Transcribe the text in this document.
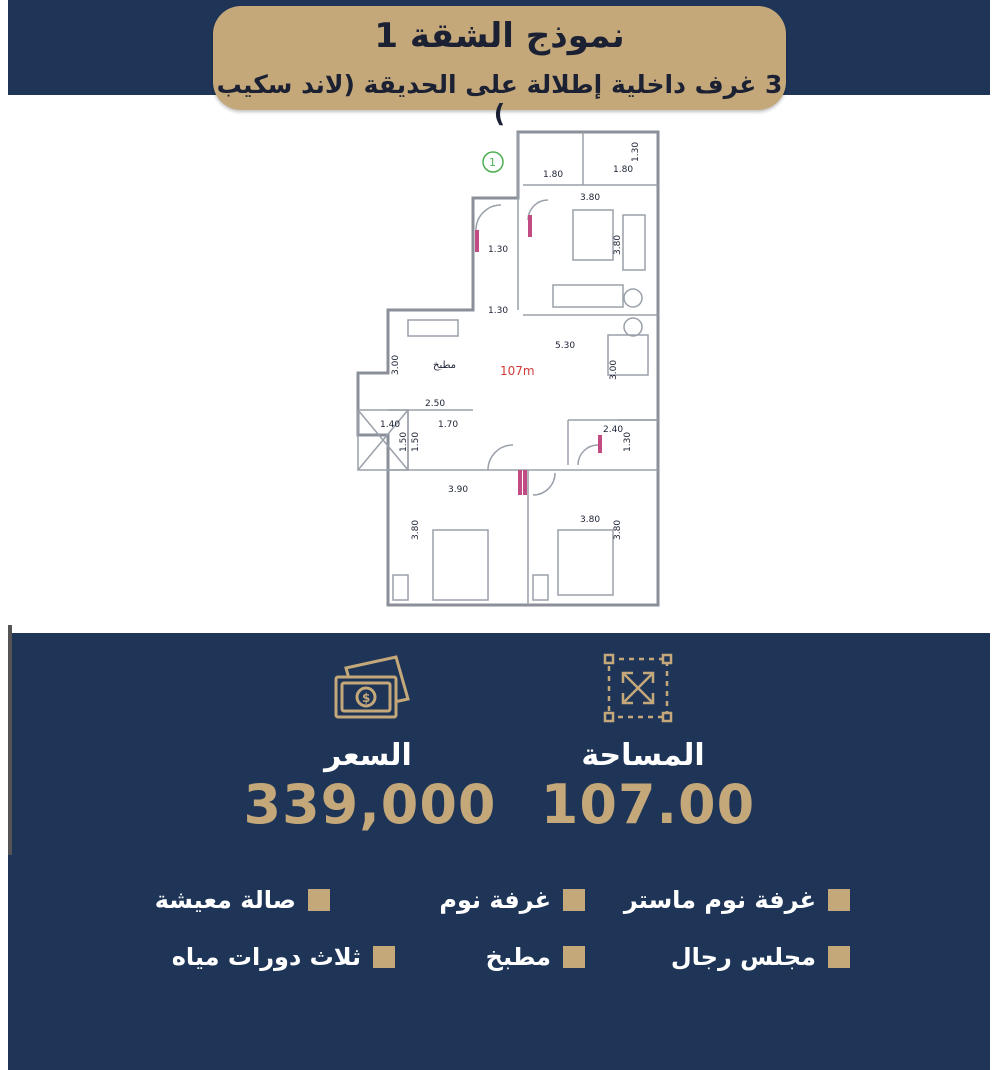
1.80	1.80
1.30
3.80
3.80
1.30
1.30
5.30
3.00	3.00
2.50
1.40
1.50 1.50
1.70	2.40
1.30
3.90
3.80	3.80 3.80
مطبخ	107m
1
نموذج الشقة 1
3 غرف داخلية إطلالة على الحديقة (لاند سكيب )
$
السعر
339,000
المساحة
107.00
غرفة نوم ماستر
غرفة نوم
صالة معيشة
مجلس رجال
مطبخ
ثلاث دورات مياه
